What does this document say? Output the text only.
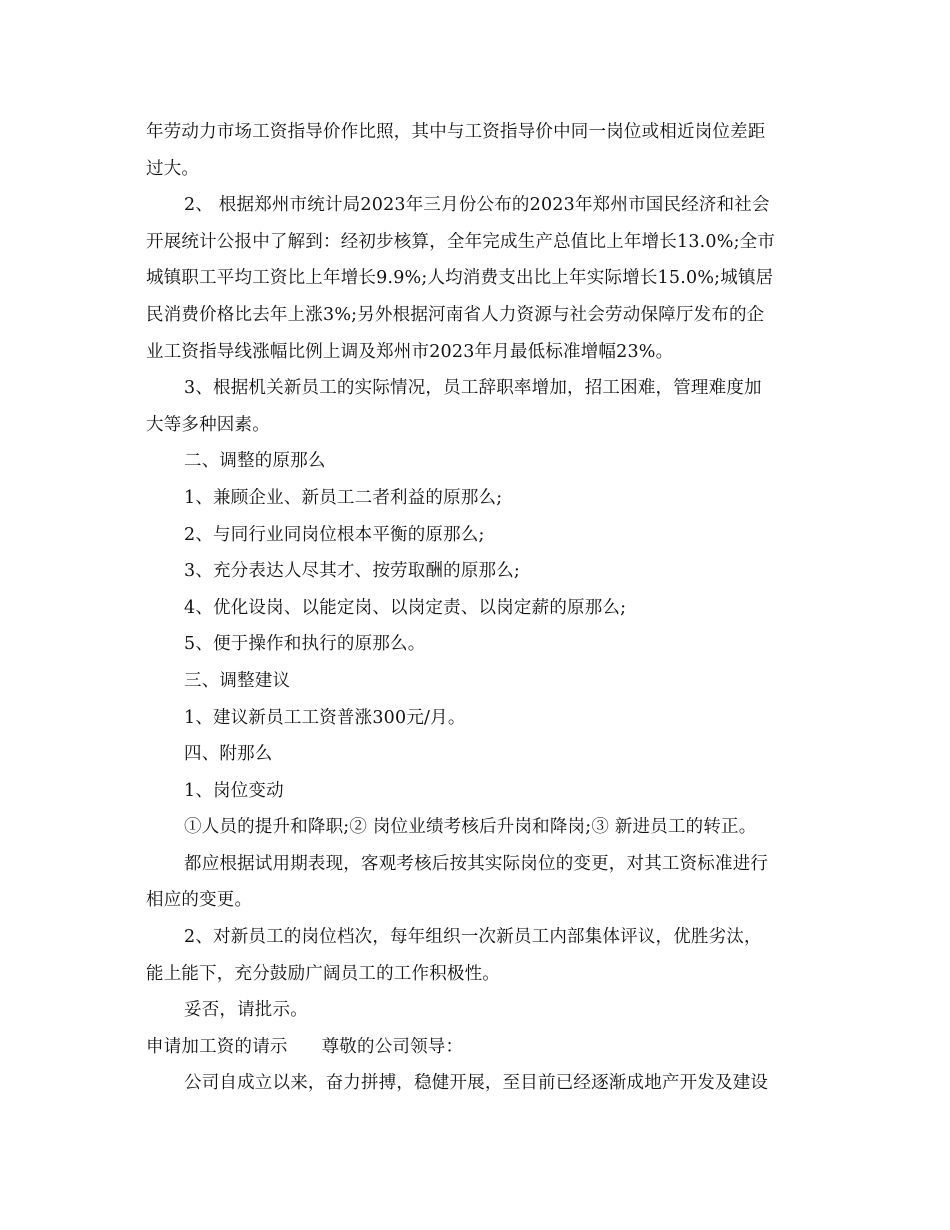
年劳动力市场工资指导价作比照，其中与工资指导价中同一岗位或相近岗位差距
过大。
2、 根据郑州市统计局2023年三月份公布的2023年郑州市国民经济和社会
开展统计公报中了解到：经初步核算，全年完成生产总值比上年增长13.0%;全市
城镇职工平均工资比上年增长9.9%;人均消费支出比上年实际增长15.0%;城镇居
民消费价格比去年上涨3%;另外根据河南省人力资源与社会劳动保障厅发布的企
业工资指导线涨幅比例上调及郑州市2023年月最低标准增幅23%。
3、根据机关新员工的实际情况，员工辞职率增加，招工困难，管理难度加
大等多种因素。
二、调整的原那么
1、兼顾企业、新员工二者利益的原那么;
2、与同行业同岗位根本平衡的原那么;
3、充分表达人尽其才、按劳取酬的原那么;
4、优化设岗、以能定岗、以岗定责、以岗定薪的原那么;
5、便于操作和执行的原那么。
三、调整建议
1、建议新员工工资普涨300元/月。
四、附那么
1、岗位变动
①人员的提升和降职;② 岗位业绩考核后升岗和降岗;③ 新进员工的转正。
都应根据试用期表现，客观考核后按其实际岗位的变更，对其工资标准进行
相应的变更。
2、对新员工的岗位档次，每年组织一次新员工内部集体评议，优胜劣汰，
能上能下，充分鼓励广阔员工的工作积极性。
妥否，请批示。
申请加工资的请示 尊敬的公司领导：
公司自成立以来，奋力拼搏，稳健开展，至目前已经逐渐成地产开发及建设
